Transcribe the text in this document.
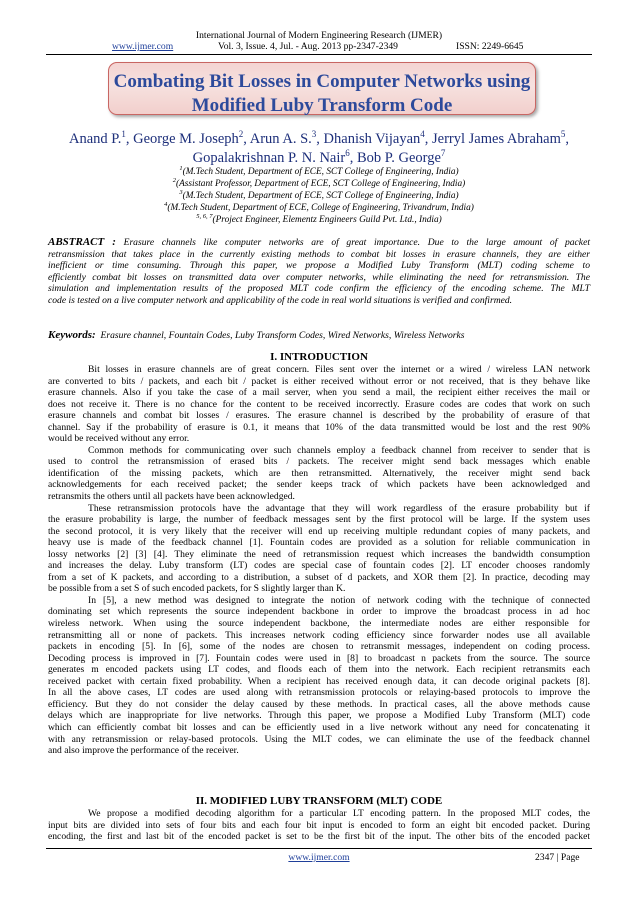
International Journal of Modern Engineering Research (IJMER)
www.ijmer.com	Vol. 3, Issue. 4, Jul. - Aug. 2013 pp-2347-2349	ISSN: 2249-6645
Combating Bit Losses in Computer Networks using
Modified Luby Transform Code
Anand P.$^1$, George M. Joseph$^2$, Arun A. S.$^3$, Dhanish Vijayan$^4$, Jerryl James Abraham$^5$,
Gopalakrishnan P. N. Nair$^6$, Bob P. George$^7$
$^1$(M.Tech Student, Department of ECE, SCT College of Engineering, India)
$^2$(Assistant Professor, Department of ECE, SCT College of Engineering, India)
$^3$(M.Tech Student, Department of ECE, SCT College of Engineering, India)
$^4$(M.Tech Student, Department of ECE, College of Engineering, Trivandrum, India)
$^{5, 6, 7}$(Project Engineer, Elementz Engineers Guild Pvt. Ltd., India)
ABSTRACT : Erasure channels like computer networks are of great importance. Due to the large amount of packet
retransmission that takes place in the currently existing methods to combat bit losses in erasure channels, they are either
inefficient or time consuming. Through this paper, we propose a Modified Luby Transform (MLT) coding scheme to
efficiently combat bit losses on transmitted data over computer networks, while eliminating the need for retransmission. The
simulation and implementation results of the proposed MLT code confirm the efficiency of the encoding scheme. The MLT
code is tested on a live computer network and applicability of the code in real world situations is verified and confirmed.
Keywords: Erasure channel, Fountain Codes, Luby Transform Codes, Wired Networks, Wireless Networks
I. INTRODUCTION
Bit losses in erasure channels are of great concern. Files sent over the internet or a wired / wireless LAN network
are converted to bits / packets, and each bit / packet is either received without error or not received, that is they behave like
erasure channels. Also if you take the case of a mail server, when you send a mail, the recipient either receives the mail or
does not receive it. There is no chance for the content to be received incorrectly. Erasure codes are codes that work on such
erasure channels and combat bit losses / erasures. The erasure channel is described by the probability of erasure of that
channel. Say if the probability of erasure is 0.1, it means that 10% of the data transmitted would be lost and the rest 90%
would be received without any error.
Common methods for communicating over such channels employ a feedback channel from receiver to sender that is
used to control the retransmission of erased bits / packets. The receiver might send back messages which enable
identification of the missing packets, which are then retransmitted. Alternatively, the receiver might send back
acknowledgements for each received packet; the sender keeps track of which packets have been acknowledged and
retransmits the others until all packets have been acknowledged.
These retransmission protocols have the advantage that they will work regardless of the erasure probability but if
the erasure probability is large, the number of feedback messages sent by the first protocol will be large. If the system uses
the second protocol, it is very likely that the receiver will end up receiving multiple redundant copies of many packets, and
heavy use is made of the feedback channel [1]. Fountain codes are provided as a solution for reliable communication in
lossy networks [2] [3] [4]. They eliminate the need of retransmission request which increases the bandwidth consumption
and increases the delay. Luby transform (LT) codes are special case of fountain codes [2]. LT encoder chooses randomly
from a set of K packets, and according to a distribution, a subset of d packets, and XOR them [2]. In practice, decoding may
be possible from a set S of such encoded packets, for S slightly larger than K.
In [5], a new method was designed to integrate the notion of network coding with the technique of connected
dominating set which represents the source independent backbone in order to improve the broadcast process in ad hoc
wireless network. When using the source independent backbone, the intermediate nodes are either responsible for
retransmitting all or none of packets. This increases network coding efficiency since forwarder nodes use all available
packets in encoding [5]. In [6], some of the nodes are chosen to retransmit messages, independent on coding process.
Decoding process is improved in [7]. Fountain codes were used in [8] to broadcast n packets from the source. The source
generates m encoded packets using LT codes, and floods each of them into the network. Each recipient retransmits each
received packet with certain fixed probability. When a recipient has received enough data, it can decode original packets [8].
In all the above cases, LT codes are used along with retransmission protocols or relaying-based protocols to improve the
efficiency. But they do not consider the delay caused by these methods. In practical cases, all the above methods cause
delays which are inappropriate for live networks. Through this paper, we propose a Modified Luby Transform (MLT) code
which can efficiently combat bit losses and can be efficiently used in a live network without any need for concatenating it
with any retransmission or relay-based protocols. Using the MLT codes, we can eliminate the use of the feedback channel
and also improve the performance of the receiver.
II. MODIFIED LUBY TRANSFORM (MLT) CODE
We propose a modified decoding algorithm for a particular LT encoding pattern. In the proposed MLT codes, the
input bits are divided into sets of four bits and each four bit input is encoded to form an eight bit encoded packet. During
encoding, the first and last bit of the encoded packet is set to be the first bit of the input. The other bits of the encoded packet
www.ijmer.com	2347 | Page
